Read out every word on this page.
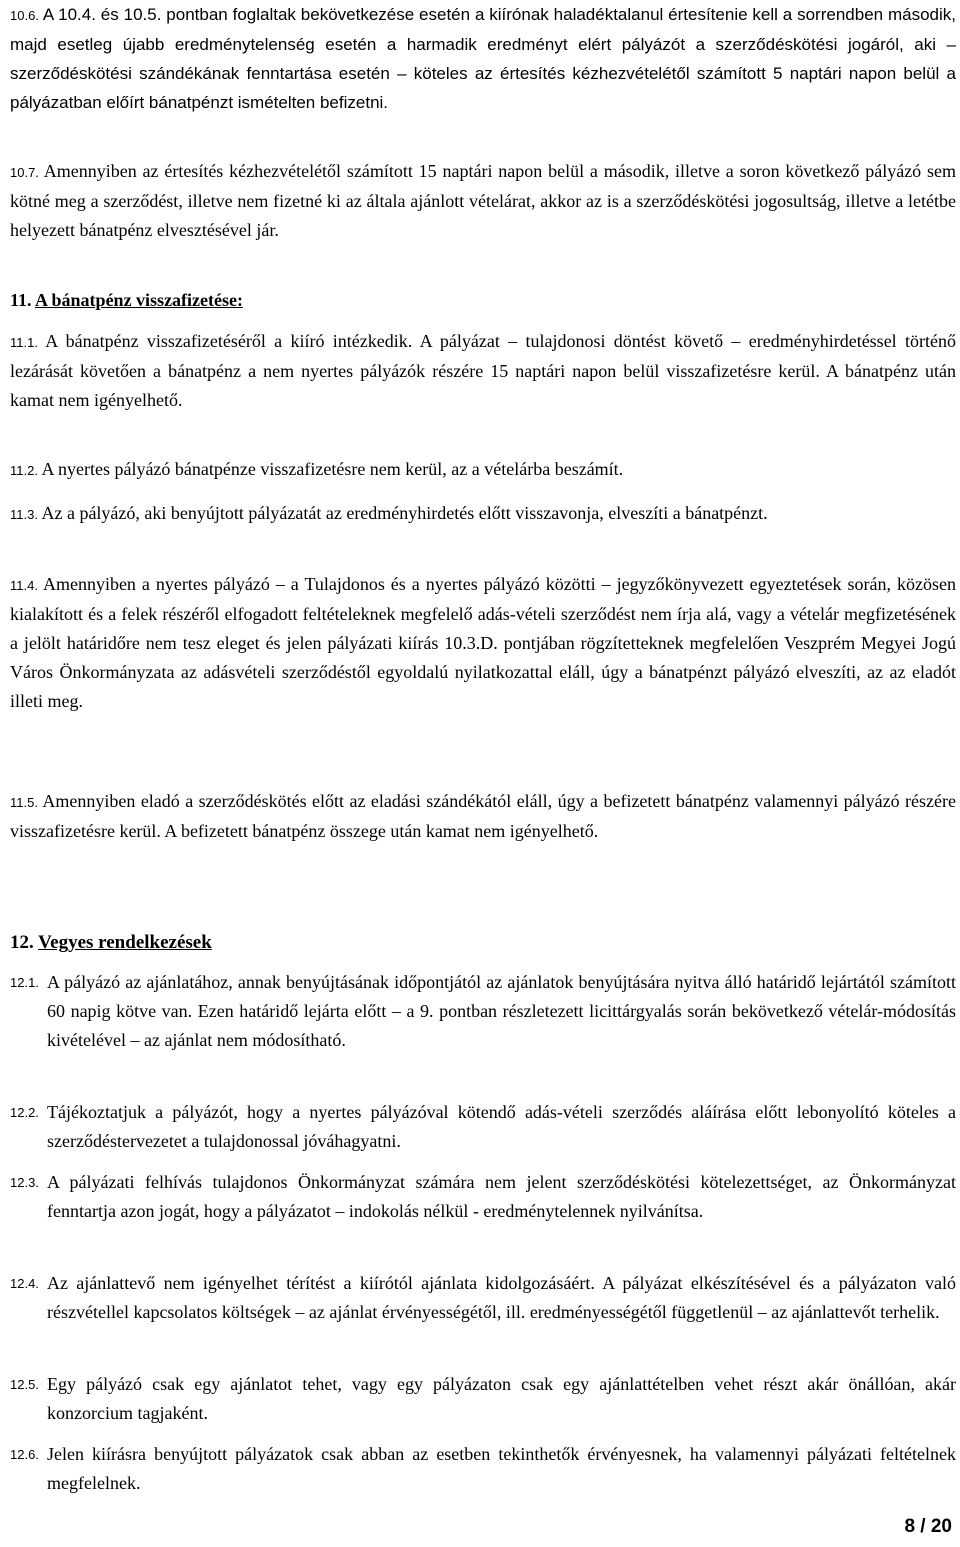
10.6. A 10.4. és 10.5. pontban foglaltak bekövetkezése esetén a kiírónak haladéktalanul értesítenie kell a sorrendben második, majd esetleg újabb eredménytelenség esetén a harmadik eredményt elért pályázót a szerződéskötési jogáról, aki – szerződéskötési szándékának fenntartása esetén – köteles az értesítés kézhezvételétől számított 5 naptári napon belül a pályázatban előírt bánatpénzt ismételten befizetni.

10.7. Amennyiben az értesítés kézhezvételétől számított 15 naptári napon belül a második, illetve a soron következő pályázó sem kötné meg a szerződést, illetve nem fizetné ki az általa ajánlott vételárat, akkor az is a szerződéskötési jogosultság, illetve a letétbe helyezett bánatpénz elvesztésével jár.

11. A bánatpénz visszafizetése:

11.1. A bánatpénz visszafizetéséről a kiíró intézkedik. A pályázat – tulajdonosi döntést követő – eredményhirdetéssel történő lezárását követően a bánatpénz a nem nyertes pályázók részére 15 naptári napon belül visszafizetésre kerül. A bánatpénz után kamat nem igényelhető.

11.2. A nyertes pályázó bánatpénze visszafizetésre nem kerül, az a vételárba beszámít.

11.3. Az a pályázó, aki benyújtott pályázatát az eredményhirdetés előtt visszavonja, elveszíti a bánatpénzt.

11.4. Amennyiben a nyertes pályázó – a Tulajdonos és a nyertes pályázó közötti – jegyzőkönyvezett egyeztetések során, közösen kialakított és a felek részéről elfogadott feltételeknek megfelelő adás-vételi szerződést nem írja alá, vagy a vételár megfizetésének a jelölt határidőre nem tesz eleget és jelen pályázati kiírás 10.3.D. pontjában rögzítetteknek megfelelően Veszprém Megyei Jogú Város Önkormányzata az adásvételi szerződéstől egyoldalú nyilatkozattal eláll, úgy a bánatpénzt pályázó elveszíti, az az eladót illeti meg.

11.5. Amennyiben eladó a szerződéskötés előtt az eladási szándékától eláll, úgy a befizetett bánatpénz valamennyi pályázó részére visszafizetésre kerül. A befizetett bánatpénz összege után kamat nem igényelhető.

12. Vegyes rendelkezések

12.1. A pályázó az ajánlatához, annak benyújtásának időpontjától az ajánlatok benyújtására nyitva álló határidő lejártától számított 60 napig kötve van. Ezen határidő lejárta előtt – a 9. pontban részletezett licittárgyalás során bekövetkező vételár-módosítás kivételével – az ajánlat nem módosítható.
12.2. Tájékoztatjuk a pályázót, hogy a nyertes pályázóval kötendő adás-vételi szerződés aláírása előtt lebonyolító köteles a szerződéstervezetet a tulajdonossal jóváhagyatni.
12.3. A pályázati felhívás tulajdonos Önkormányzat számára nem jelent szerződéskötési kötelezettséget, az Önkormányzat fenntartja azon jogát, hogy a pályázatot – indokolás nélkül - eredménytelennek nyilvánítsa.
12.4. Az ajánlattevő nem igényelhet térítést a kiírótól ajánlata kidolgozásáért. A pályázat elkészítésével és a pályázaton való részvétellel kapcsolatos költségek – az ajánlat érvényességétől, ill. eredményességétől függetlenül – az ajánlattevőt terhelik.
12.5. Egy pályázó csak egy ajánlatot tehet, vagy egy pályázaton csak egy ajánlattételben vehet részt akár önállóan, akár konzorcium tagjaként.
12.6. Jelen kiírásra benyújtott pályázatok csak abban az esetben tekinthetők érvényesnek, ha valamennyi pályázati feltételnek megfelelnek.
8 / 20
